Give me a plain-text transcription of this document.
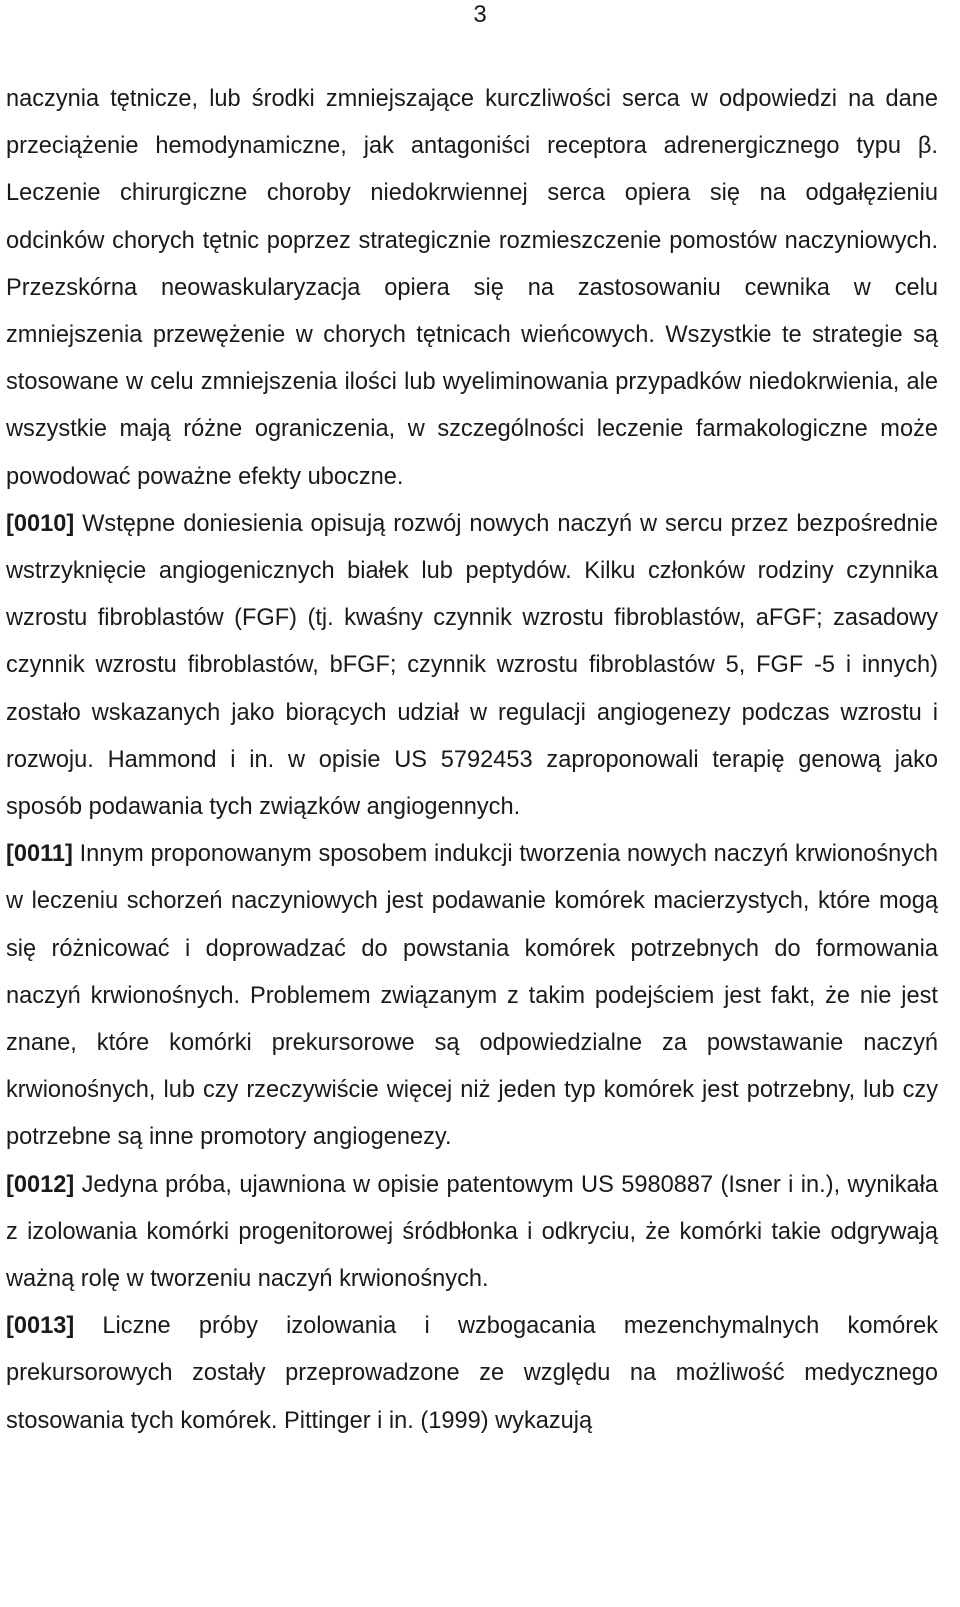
3

naczynia tętnicze, lub środki zmniejszające kurczliwości serca w odpowiedzi na dane przeciążenie hemodynamiczne, jak antagoniści receptora adrenergicznego typu β. Leczenie chirurgiczne choroby niedokrwiennej serca opiera się na odgałęzieniu odcinków chorych tętnic poprzez strategicznie rozmieszczenie pomostów naczyniowych. Przezskórna neowaskularyzacja opiera się na zastosowaniu cewnika w celu zmniejszenia przewężenie w chorych tętnicach wieńcowych. Wszystkie te strategie są stosowane w celu zmniejszenia ilości lub wyeliminowania przypadków niedokrwienia, ale wszystkie mają różne ograniczenia, w szczególności leczenie farmakologiczne może powodować poważne efekty uboczne.

[0010] Wstępne doniesienia opisują rozwój nowych naczyń w sercu przez bezpośrednie wstrzyknięcie angiogenicznych białek lub peptydów. Kilku członków rodziny czynnika wzrostu fibroblastów (FGF) (tj. kwaśny czynnik wzrostu fibroblastów, aFGF; zasadowy czynnik wzrostu fibroblastów, bFGF; czynnik wzrostu fibroblastów 5, FGF -5 i innych) zostało wskazanych jako biorących udział w regulacji angiogenezy podczas wzrostu i rozwoju. Hammond i in. w opisie US 5792453 zaproponowali terapię genową jako sposób podawania tych związków angiogennych.

[0011] Innym proponowanym sposobem indukcji tworzenia nowych naczyń krwionośnych w leczeniu schorzeń naczyniowych jest podawanie komórek macierzystych, które mogą się różnicować i doprowadzać do powstania komórek potrzebnych do formowania naczyń krwionośnych. Problemem związanym z takim podejściem jest fakt, że nie jest znane, które komórki prekursorowe są odpowiedzialne za powstawanie naczyń krwionośnych, lub czy rzeczywiście więcej niż jeden typ komórek jest potrzebny, lub czy potrzebne są inne promotory angiogenezy.

[0012] Jedyna próba, ujawniona w opisie patentowym US 5980887 (Isner i in.), wynikała z izolowania komórki progenitorowej śródbłonka i odkryciu, że komórki takie odgrywają ważną rolę w tworzeniu naczyń krwionośnych.

[0013] Liczne próby izolowania i wzbogacania mezenchymalnych komórek prekursorowych zostały przeprowadzone ze względu na możliwość medycznego stosowania tych komórek. Pittinger i in. (1999) wykazują
